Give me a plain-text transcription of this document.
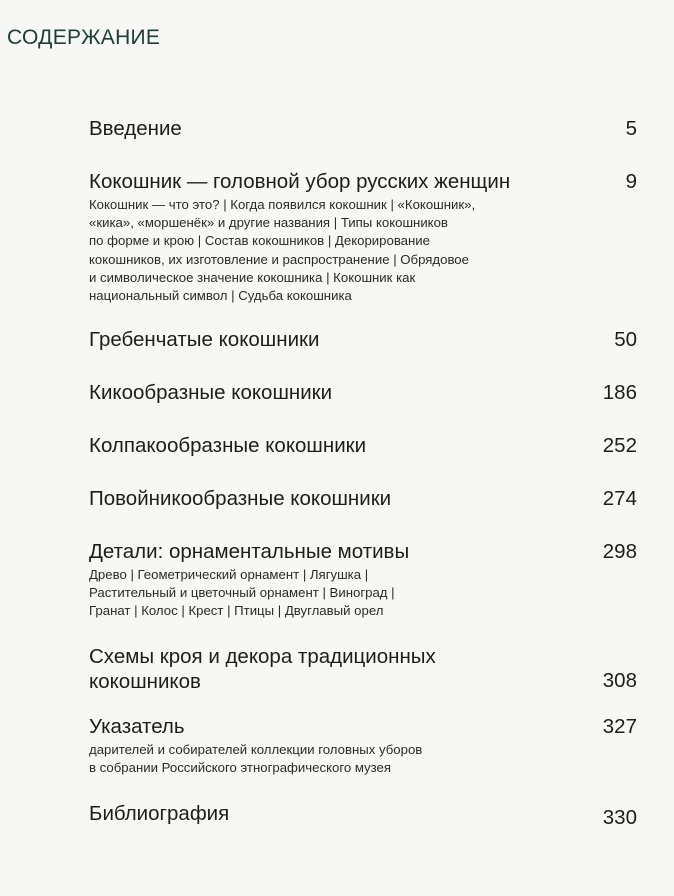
СОДЕРЖАНИЕ
Введение	5
Кокошник — головной убор русских женщин	9
Кокошник — что это? | Когда появился кокошник | «Кокошник»,
«кика», «моршенёк» и другие названия | Типы кокошников
по форме и крою | Состав кокошников | Декорирование
кокошников, их изготовление и распространение | Обрядовое
и символическое значение кокошника | Кокошник как
национальный символ | Судьба кокошника
Гребенчатые кокошники	50
Кикообразные кокошники	186
Колпакообразные кокошники	252
Повойникообразные кокошники	274
Детали: орнаментальные мотивы	298
Древо | Геометрический орнамент | Лягушка |
Растительный и цветочный орнамент | Виноград |
Гранат | Колос | Крест | Птицы | Двуглавый орел
Схемы кроя и декора традиционных
кокошников	308
Указатель	327
дарителей и собирателей коллекции головных уборов
в собрании Российского этнографического музея
Библиография	330
